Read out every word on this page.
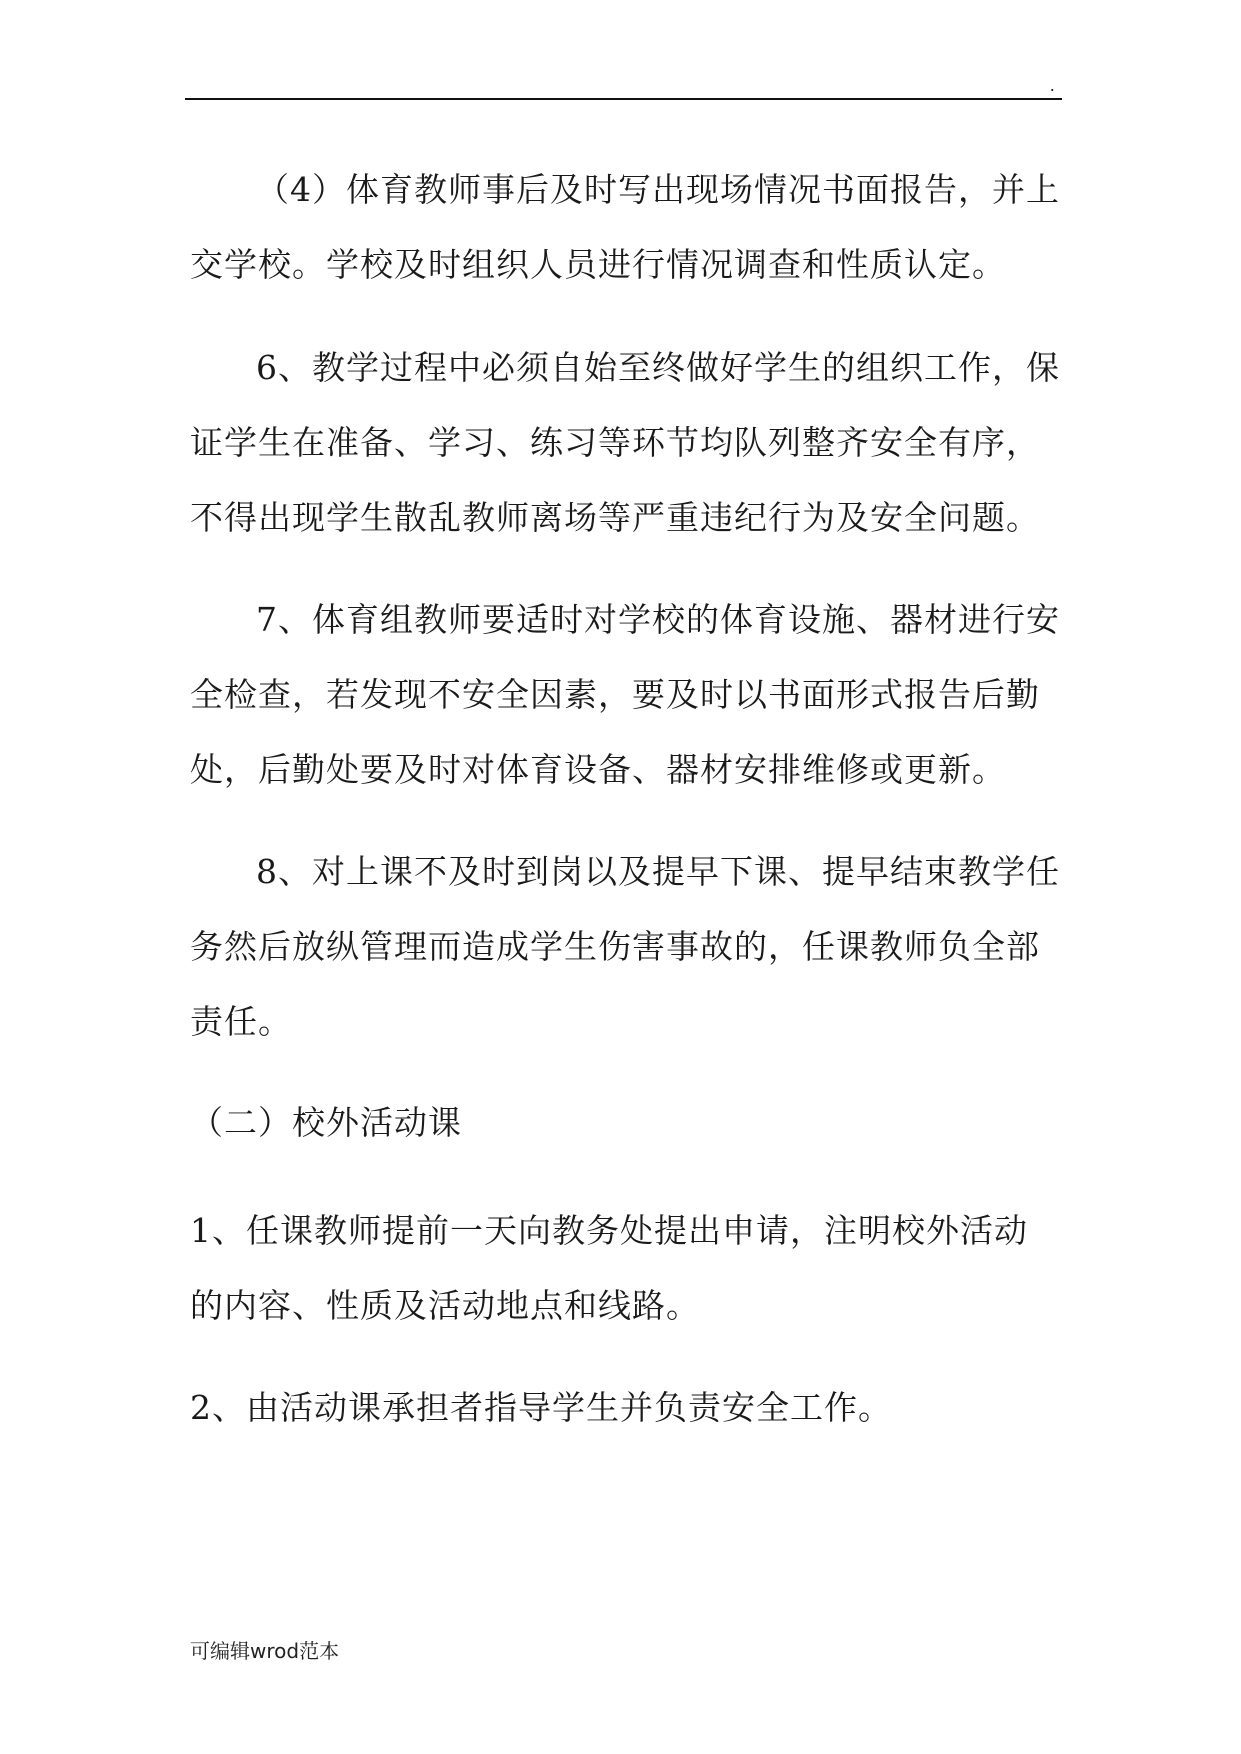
.

（4）体育教师事后及时写出现场情况书面报告，并上交学校。学校及时组织人员进行情况调查和性质认定。

6、教学过程中必须自始至终做好学生的组织工作，保证学生在准备、学习、练习等环节均队列整齐安全有序，不得出现学生散乱教师离场等严重违纪行为及安全问题。

7、体育组教师要适时对学校的体育设施、器材进行安全检查，若发现不安全因素，要及时以书面形式报告后勤处，后勤处要及时对体育设备、器材安排维修或更新。

8、对上课不及时到岗以及提早下课、提早结束教学任务然后放纵管理而造成学生伤害事故的，任课教师负全部责任。

（二）校外活动课

1、任课教师提前一天向教务处提出申请，注明校外活动的内容、性质及活动地点和线路。

2、由活动课承担者指导学生并负责安全工作。

可编辑wrod范本
